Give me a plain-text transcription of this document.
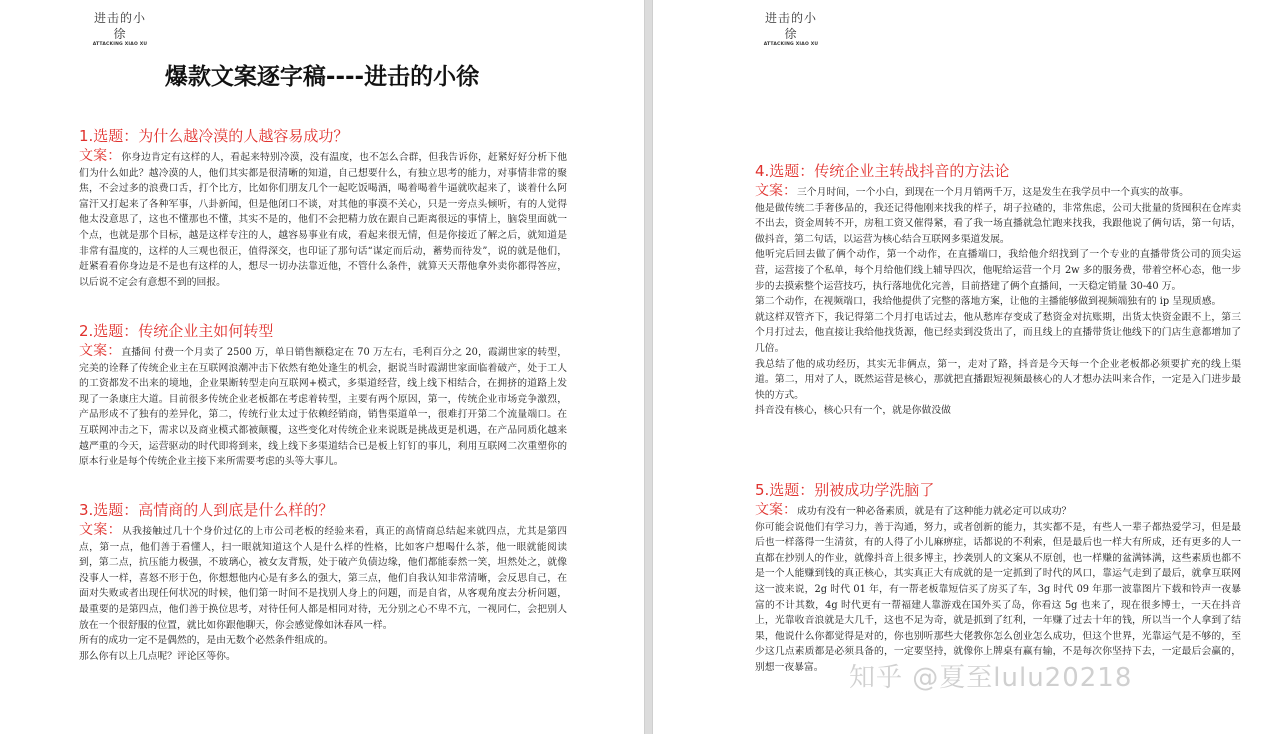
进击的小徐
ATTACKING XIAO XU
爆款文案逐字稿----进击的小徐
1.选题：为什么越冷漠的人越容易成功？

文案：你身边肯定有这样的人，看起来特别冷漠，没有温度，也不怎么合群，但我告诉你，赶紧好好分析下他们为什么如此？越冷漠的人，他们其实都是很清晰的知道，自己想要什么，有独立思考的能力，对事情非常的聚焦，不会过多的浪费口舌，打个比方，比如你们朋友几个一起吃饭喝酒，喝着喝着牛逼就吹起来了，谈着什么阿富汗又打起来了各种军事，八卦新闻，但是他闭口不谈，对其他的事漠不关心，只是一旁点头倾听，有的人觉得他太没意思了，这也不懂那也不懂，其实不是的，他们不会把精力放在跟自己距离很远的事情上，脑袋里面就一个点，也就是那个目标，越是这样专注的人，越容易事业有成，看起来很无情，但是你接近了解之后，就知道是非常有温度的，这样的人三观也很正，值得深交，也印证了那句话“谋定而后动，蓄势而待发”，说的就是他们，赶紧看看你身边是不是也有这样的人，想尽一切办法靠近他，不管什么条件，就算天天帮他拿外卖你都得答应，以后说不定会有意想不到的回报。

2.选题：传统企业主如何转型

文案：直播间 付费一个月卖了 2500 万，单日销售额稳定在 70 万左右，毛利百分之 20，霞湖世家的转型，完美的诠释了传统企业主在互联网浪潮冲击下依然有绝处逢生的机会，据说当时霞湖世家面临着破产，处于工人的工资都发不出来的境地，企业果断转型走向互联网+模式，多渠道经营，线上线下相结合，在拥挤的道路上发现了一条康庄大道。目前很多传统企业老板都在考虑着转型，主要有两个原因，第一，传统企业市场竞争激烈，产品形成不了独有的差异化，第二，传统行业太过于依赖经销商，销售渠道单一，很难打开第二个流量端口。在互联网冲击之下，需求以及商业模式都被颠覆，这些变化对传统企业来说既是挑战更是机遇，在产品同质化越来越严重的今天，运营驱动的时代即将到来，线上线下多渠道结合已是板上钉钉的事儿，利用互联网二次重塑你的原本行业是每个传统企业主接下来所需要考虑的头等大事儿。

3.选题：高情商的人到底是什么样的？

文案：从我接触过几十个身价过亿的上市公司老板的经验来看，真正的高情商总结起来就四点，尤其是第四点，第一点，他们善于看懂人，扫一眼就知道这个人是什么样的性格，比如客户想喝什么茶，他一眼就能阅读到，第二点，抗压能力极强，不玻璃心，被女友背叛，处于破产负债边缘，他们都能泰然一笑，坦然处之，就像没事人一样，喜怒不形于色，你想想他内心是有多么的强大，第三点，他们自我认知非常清晰，会反思自己，在面对失败或者出现任何状况的时候，他们第一时间不是找别人身上的问题，而是自省，从客观角度去分析问题，最重要的是第四点，他们善于换位思考，对待任何人都是相同对待，无分别之心不卑不亢，一视同仁，会把别人放在一个很舒服的位置，就比如你跟他聊天，你会感觉像如沐春风一样。

所有的成功一定不是偶然的，是由无数个必然条件组成的。

那么你有以上几点呢？评论区等你。

进击的小徐
ATTACKING XIAO XU
4.选题：传统企业主转战抖音的方法论

文案：三个月时间，一个小白，到现在一个月月销两千万，这是发生在我学员中一个真实的故事。

他是做传统二手奢侈品的，我还记得他刚来找我的样子，胡子拉碴的，非常焦虑，公司大批量的货囤积在仓库卖不出去，资金周转不开，房租工资又催得紧，看了我一场直播就急忙跑来找我，我跟他说了俩句话，第一句话，做抖音，第二句话，以运营为核心结合互联网多渠道发展。

他听完后回去做了俩个动作，第一个动作，在直播端口，我给他介绍找到了一个专业的直播带货公司的顶尖运营，运营接了个私单，每个月给他们线上辅导四次，他呢给运营一个月 2w 多的服务费，带着空杯心态，他一步步的去摸索整个运营技巧，执行落地优化完善，目前搭建了俩个直播间，一天稳定销量 30-40 万。

第二个动作，在视频端口，我给他提供了完整的落地方案，让他的主播能够做到视频端独有的 ip 呈现质感。

就这样双管齐下，我记得第二个月打电话过去，他从愁库存变成了愁资金对抗账期，出货太快资金跟不上，第三个月打过去，他直接让我给他找货源，他已经卖到没货出了，而且线上的直播带货让他线下的门店生意都增加了几倍。

我总结了他的成功经历，其实无非俩点，第一，走对了路，抖音是今天每一个企业老板都必须要扩充的线上渠道。第二，用对了人，既然运营是核心，那就把直播跟短视频最核心的人才想办法叫来合作，一定是入门进步最快的方式。

抖音没有核心，核心只有一个，就是你做没做

5.选题：别被成功学洗脑了

文案：成功有没有一种必备素质，就是有了这种能力就必定可以成功？

你可能会说他们有学习力，善于沟通，努力，或者创新的能力，其实都不是，有些人一辈子都热爱学习，但是最后也一样落得一生清贫，有的人得了小儿麻痹症，话都说的不利索，但是最后也一样大有所成，还有更多的人一直都在抄别人的作业，就像抖音上很多博主，抄袭别人的文案从不原创，也一样赚的盆满钵满，这些素质也都不是一个人能赚到钱的真正核心，其实真正大有成就的是一定抓到了时代的风口，靠运气走到了最后，就拿互联网这一波来说，2g 时代 01 年，有一帮老板靠短信买了房买了车，3g 时代 09 年那一波靠图片下载和铃声一夜暴富的不计其数，4g 时代更有一帮福建人靠游戏在国外买了岛，你看这 5g 也来了，现在很多博士，一天在抖音上，光靠收音浪就是大几千，这也不足为奇，就是抓到了红利，一年赚了过去十年的钱，所以当一个人拿到了结果，他说什么你都觉得是对的，你也别听那些大佬教你怎么创业怎么成功，但这个世界，光靠运气是不够的，至少这几点素质都是必须具备的，一定要坚持，就像你上牌桌有赢有输，不是每次你坚持下去，一定最后会赢的，别想一夜暴富。 知乎 @夏至lulu20218
